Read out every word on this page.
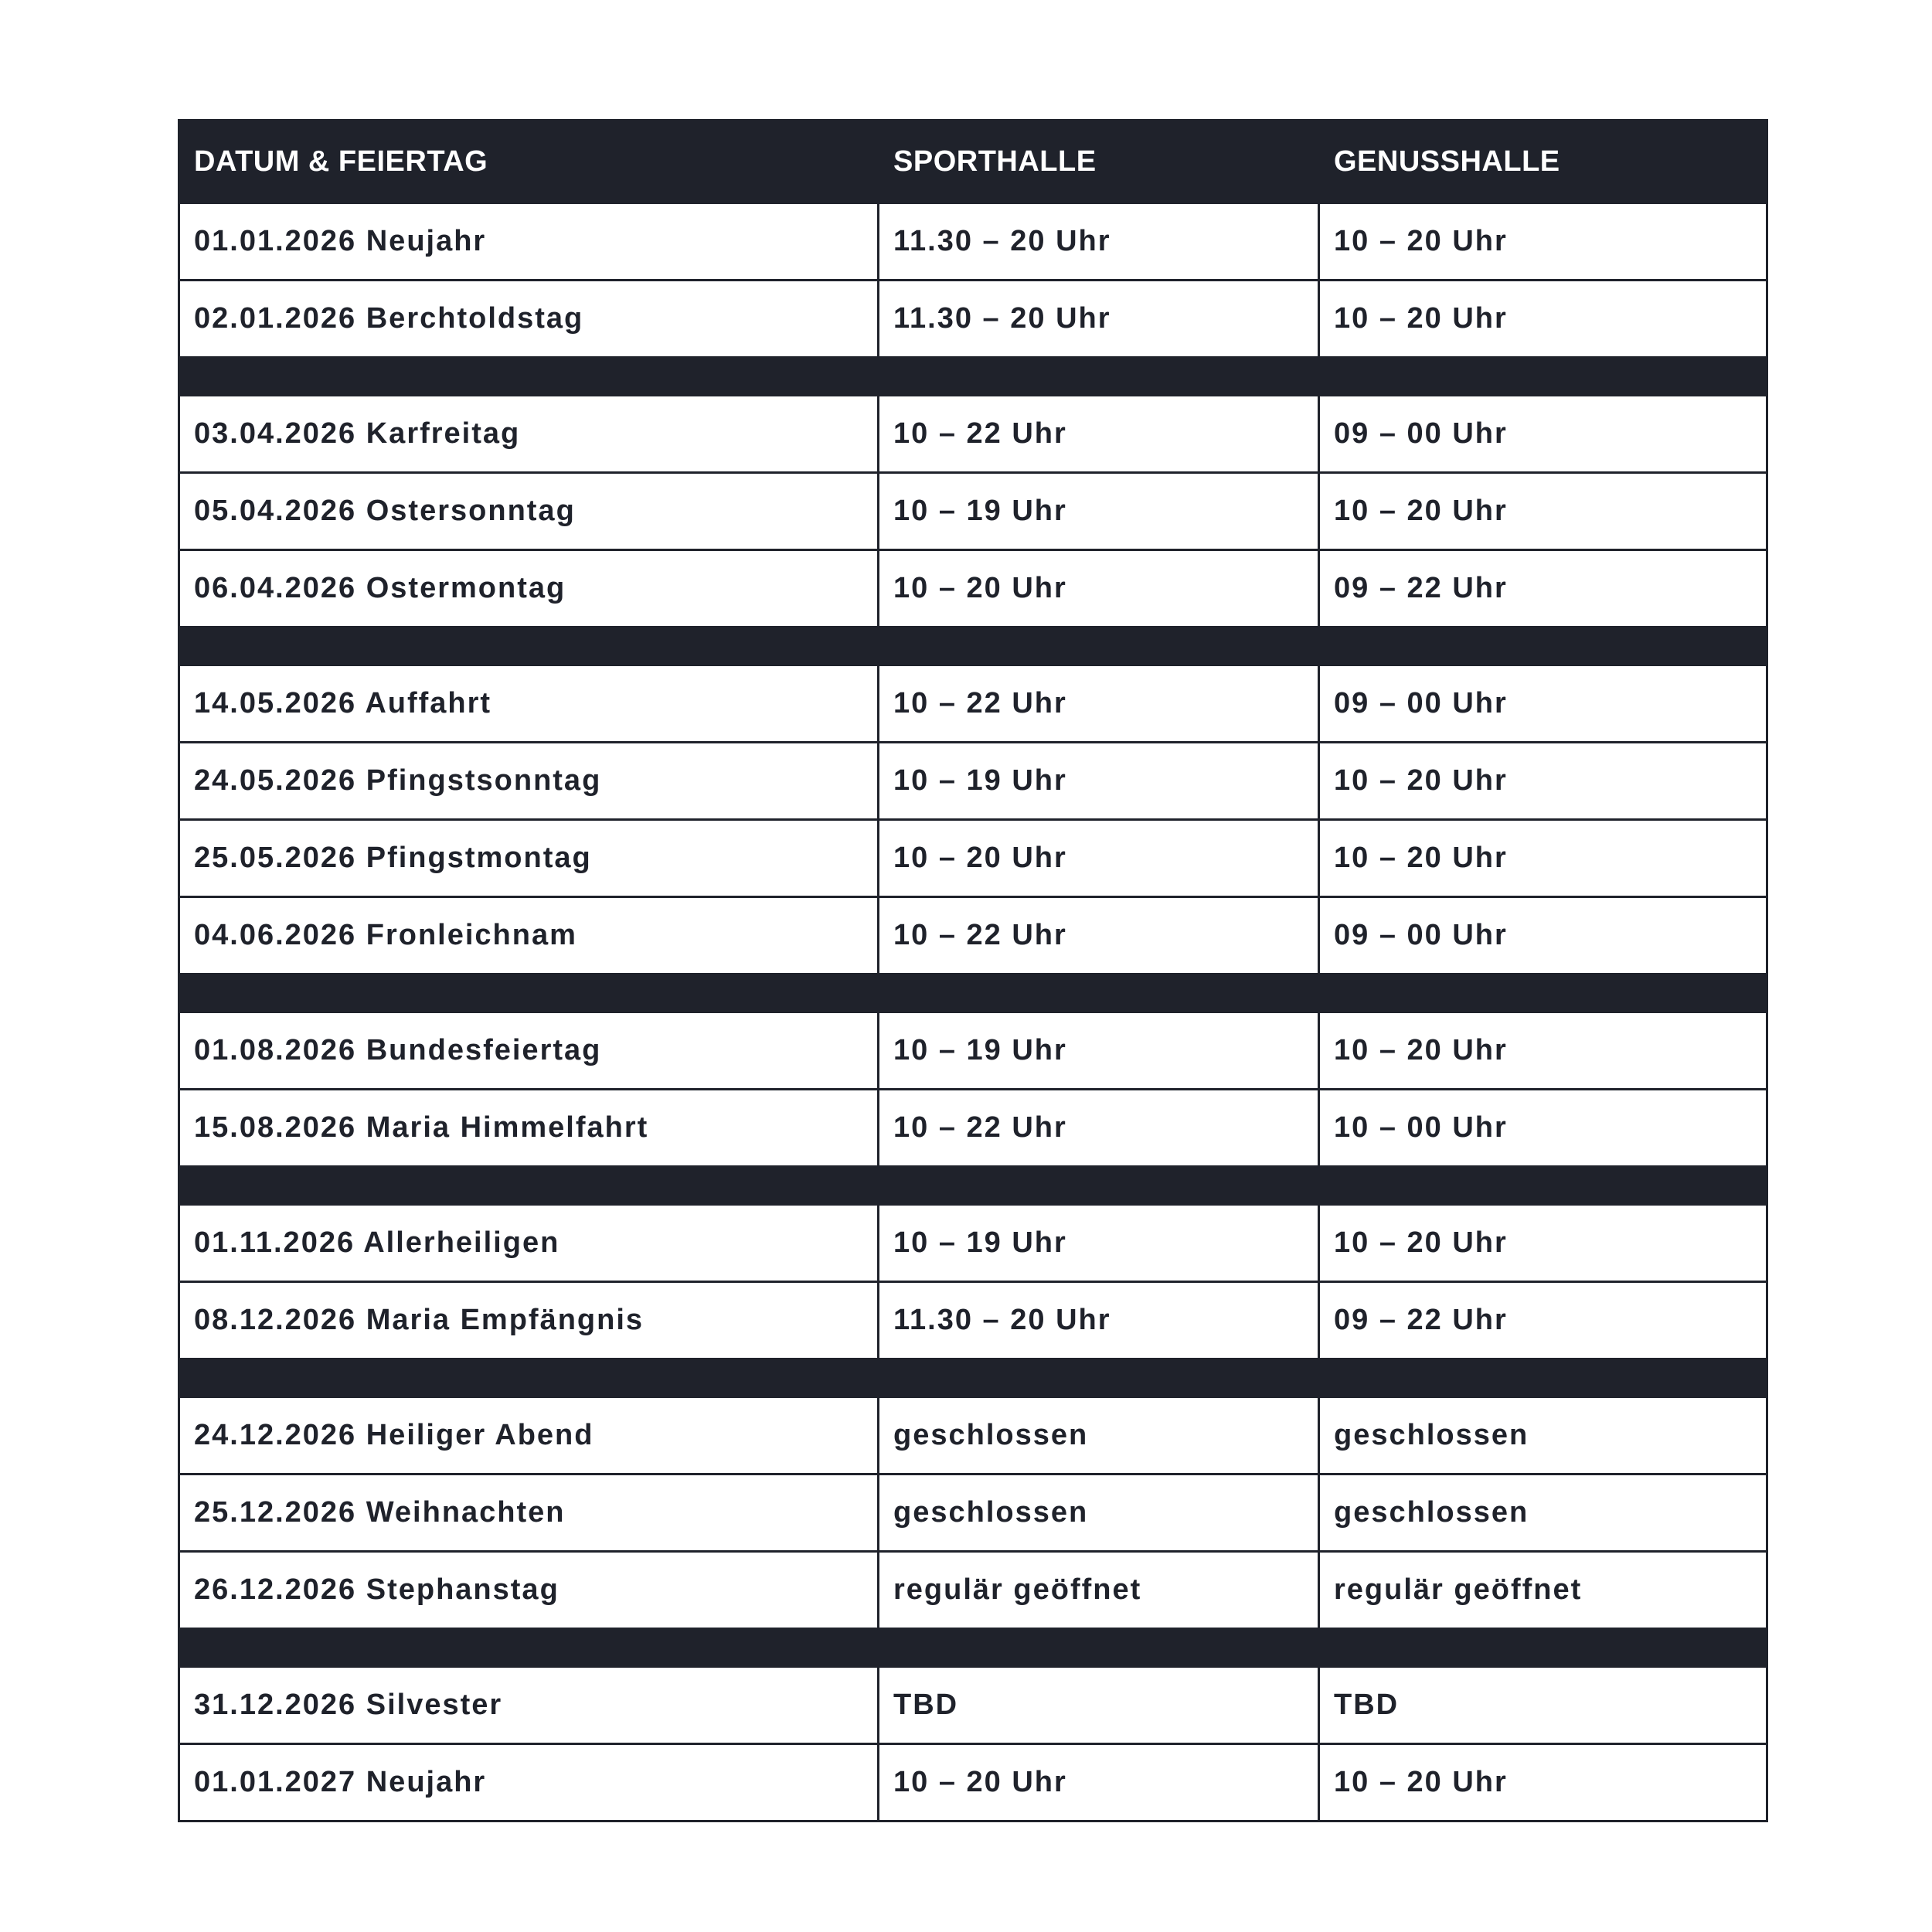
DATUM & FEIERTAG	SPORTHALLE	GENUSSHALLE
01.01.2026 Neujahr	11.30 – 20 Uhr	10 – 20 Uhr
02.01.2026 Berchtoldstag	11.30 – 20 Uhr	10 – 20 Uhr

03.04.2026 Karfreitag	10 – 22 Uhr	09 – 00 Uhr
05.04.2026 Ostersonntag	10 – 19 Uhr	10 – 20 Uhr
06.04.2026 Ostermontag	10 – 20 Uhr	09 – 22 Uhr

14.05.2026 Auffahrt	10 – 22 Uhr	09 – 00 Uhr
24.05.2026 Pfingstsonntag	10 – 19 Uhr	10 – 20 Uhr
25.05.2026 Pfingstmontag	10 – 20 Uhr	10 – 20 Uhr
04.06.2026 Fronleichnam	10 – 22 Uhr	09 – 00 Uhr

01.08.2026 Bundesfeiertag	10 – 19 Uhr	10 – 20 Uhr
15.08.2026 Maria Himmelfahrt	10 – 22 Uhr	10 – 00 Uhr

01.11.2026 Allerheiligen	10 – 19 Uhr	10 – 20 Uhr
08.12.2026 Maria Empfängnis	11.30 – 20 Uhr	09 – 22 Uhr

24.12.2026 Heiliger Abend	geschlossen	geschlossen
25.12.2026 Weihnachten	geschlossen	geschlossen
26.12.2026 Stephanstag	regulär geöffnet	regulär geöffnet

31.12.2026 Silvester	TBD	TBD
01.01.2027 Neujahr	10 – 20 Uhr	10 – 20 Uhr
